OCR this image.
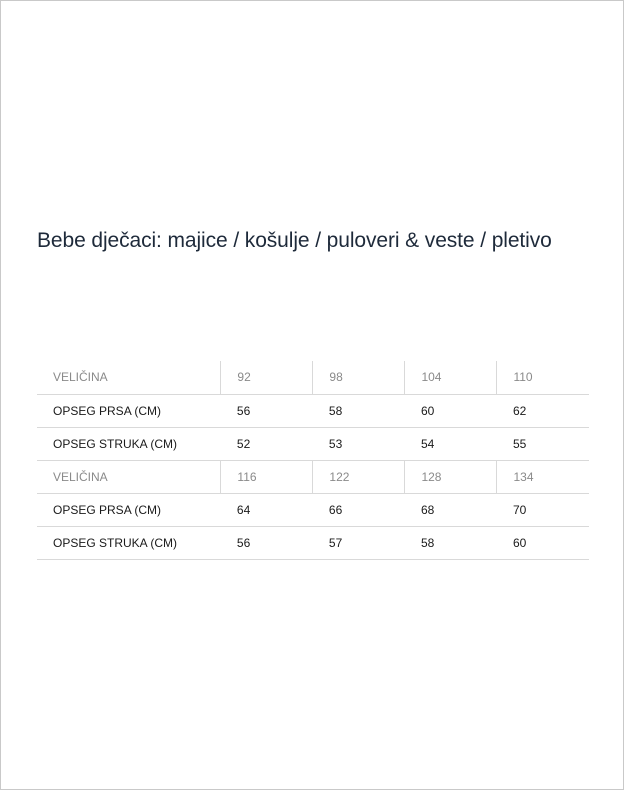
Bebe dječaci: majice / košulje / puloveri & veste / pletivo
VELIČINA	92	98	104	110
OPSEG PRSA (CM)	56	58	60	62
OPSEG STRUKA (CM)	52	53	54	55
VELIČINA	116	122	128	134
OPSEG PRSA (CM)	64	66	68	70
OPSEG STRUKA (CM)	56	57	58	60
